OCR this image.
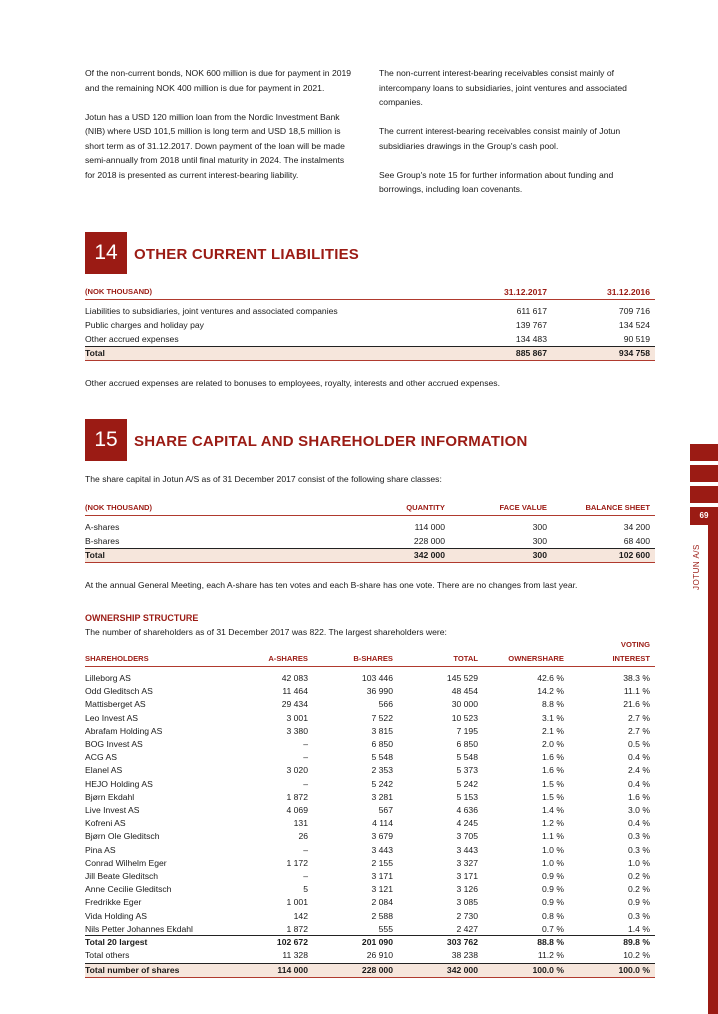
Of the non-current bonds, NOK 600 million is due for payment in 2019 and the remaining NOK 400 million is due for payment in 2021.

Jotun has a USD 120 million loan from the Nordic Investment Bank (NIB) where USD 101,5 million is long term and USD 18,5 million is short term as of 31.12.2017. Down payment of the loan will be made semi-annually from 2018 until final maturity in 2024. The instalments for 2018 is presented as current interest-bearing liability.

The non-current interest-bearing receivables consist mainly of intercompany loans to subsidiaries, joint ventures and associated companies.

The current interest-bearing receivables consist mainly of Jotun subsidiaries drawings in the Group's cash pool.

See Group's note 15 for further information about funding and borrowings, including loan covenants.

14	OTHER CURRENT LIABILITIES
(NOK THOUSAND)	31.12.2017	31.12.2016
Liabilities to subsidiaries, joint ventures and associated companies	611 617	709 716
Public charges and holiday pay	139 767	134 524
Other accrued expenses	134 483	90 519
Total	885 867	934 758
Other accrued expenses are related to bonuses to employees, royalty, interests and other accrued expenses.
15	SHARE CAPITAL AND SHAREHOLDER INFORMATION
The share capital in Jotun A/S as of 31 December 2017 consist of the following share classes:
(NOK THOUSAND)	QUANTITY	FACE VALUE	BALANCE SHEET
A-shares	114 000	300	34 200
B-shares	228 000	300	68 400
Total	342 000	300	102 600
At the annual General Meeting, each A-share has ten votes and each B-share has one vote. There are no changes from last year.
OWNERSHIP STRUCTURE
The number of shareholders as of 31 December 2017 was 822. The largest shareholders were:
VOTING
SHAREHOLDERS	A-SHARES	B-SHARES	TOTAL	OWNERSHARE	INTEREST
Lilleborg AS	42 083	103 446	145 529	42.6 %	38.3 %
Odd Gleditsch AS	11 464	36 990	48 454	14.2 %	11.1 %
Mattisberget AS	29 434	566	30 000	8.8 %	21.6 %
Leo Invest AS	3 001	7 522	10 523	3.1 %	2.7 %
Abrafam Holding AS	3 380	3 815	7 195	2.1 %	2.7 %
BOG Invest AS	–	6 850	6 850	2.0 %	0.5 %
ACG AS	–	5 548	5 548	1.6 %	0.4 %
Elanel AS	3 020	2 353	5 373	1.6 %	2.4 %
HEJO Holding AS	–	5 242	5 242	1.5 %	0.4 %
Bjørn Ekdahl	1 872	3 281	5 153	1.5 %	1.6 %
Live Invest AS	4 069	567	4 636	1.4 %	3.0 %
Kofreni AS	131	4 114	4 245	1.2 %	0.4 %
Bjørn Ole Gleditsch	26	3 679	3 705	1.1 %	0.3 %
Pina AS	–	3 443	3 443	1.0 %	0.3 %
Conrad Wilhelm Eger	1 172	2 155	3 327	1.0 %	1.0 %
Jill Beate Gleditsch	–	3 171	3 171	0.9 %	0.2 %
Anne Cecilie Gleditsch	5	3 121	3 126	0.9 %	0.2 %
Fredrikke Eger	1 001	2 084	3 085	0.9 %	0.9 %
Vida Holding AS	142	2 588	2 730	0.8 %	0.3 %
Nils Petter Johannes Ekdahl	1 872	555	2 427	0.7 %	1.4 %
Total 20 largest	102 672	201 090	303 762	88.8 %	89.8 %
Total others	11 328	26 910	38 238	11.2 %	10.2 %
Total number of shares	114 000	228 000	342 000	100.0 %	100.0 %
69
JOTUN A/S
